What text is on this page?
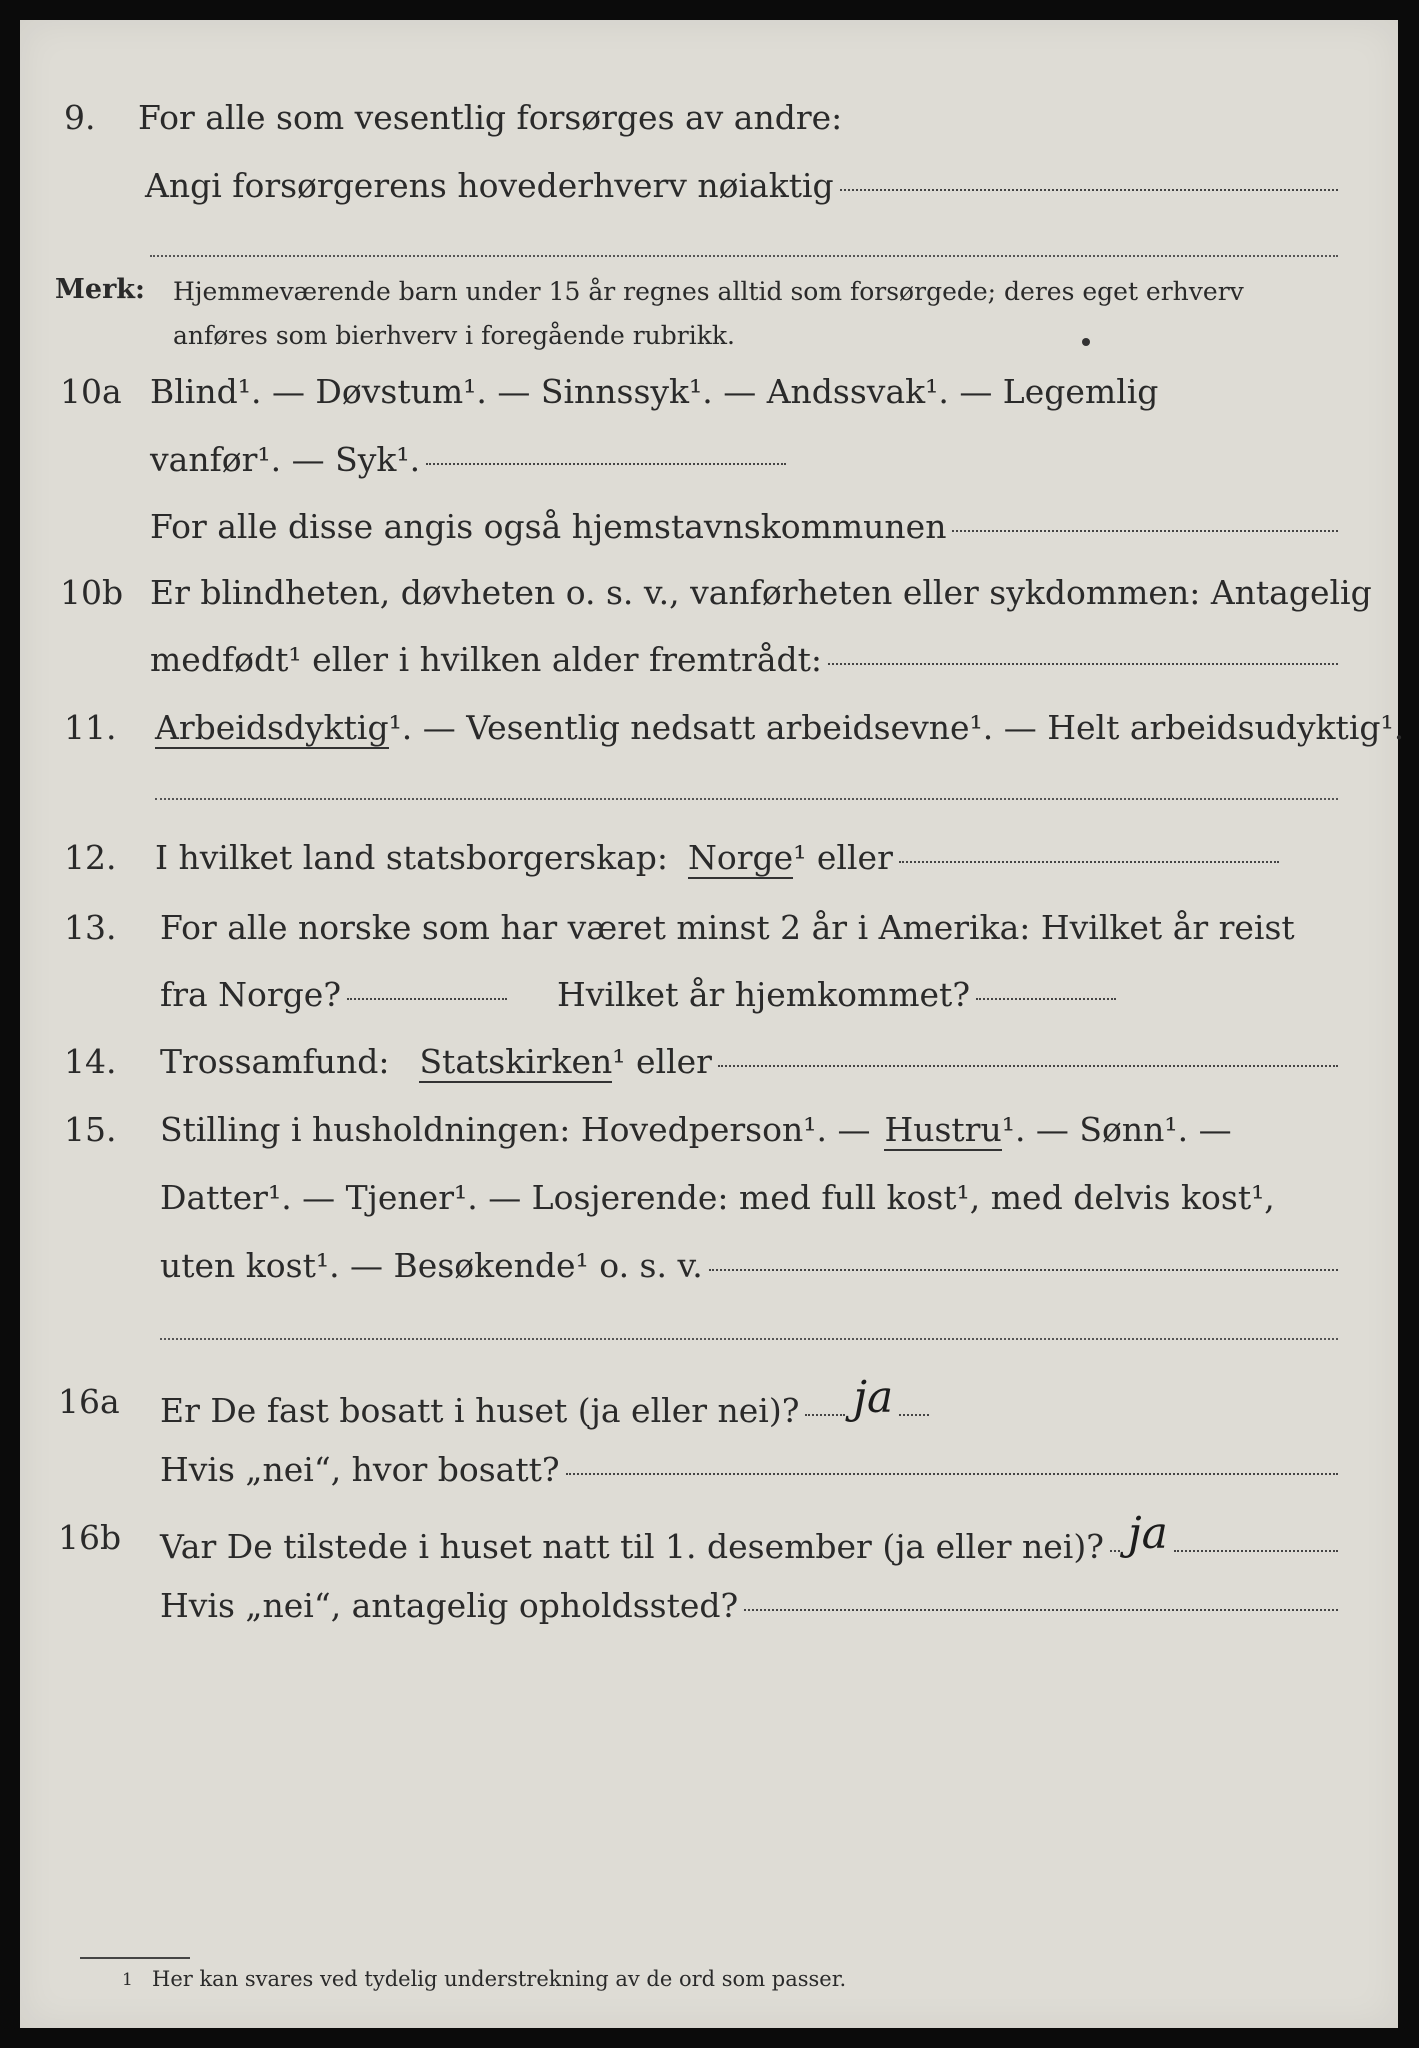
9. For alle som vesentlig forsørges av andre:
Angi forsørgerens hovederhverv nøiaktig
Merk: Hjemmeværende barn under 15 år regnes alltid som forsørgede; deres eget erhverv
anføres som bierhverv i foregående rubrikk.
10a Blind¹. — Døvstum¹. — Sinnssyk¹. — Andssvak¹. — Legemlig
vanfør¹. — Syk¹.
For alle disse angis også hjemstavnskommunen
10b Er blindheten, døvheten o. s. v., vanførheten eller sykdommen: Antagelig
medfødt¹ eller i hvilken alder fremtrådt:
11. Arbeidsdyktig ¹. — Vesentlig nedsatt arbeidsevne¹. — Helt arbeidsudyktig¹.
12. I hvilket land statsborgerskap: Norge ¹ eller
13. For alle norske som har været minst 2 år i Amerika: Hvilket år reist
fra Norge?	Hvilket år hjemkommet?
14. Trossamfund: Statskirken ¹ eller
15. Stilling i husholdningen: Hovedperson¹. — Hustru ¹. — Sønn¹. —
Datter¹. — Tjener¹. — Losjerende: med full kost¹, med delvis kost¹,
uten kost¹. — Besøkende¹ o. s. v.
16a Er De fast bosatt i huset (ja eller nei)? ja
Hvis „nei“, hvor bosatt?
16b Var De tilstede i huset natt til 1. desember (ja eller nei)? ja
Hvis „nei“, antagelig opholdssted?
1 Her kan svares ved tydelig understrekning av de ord som passer.
